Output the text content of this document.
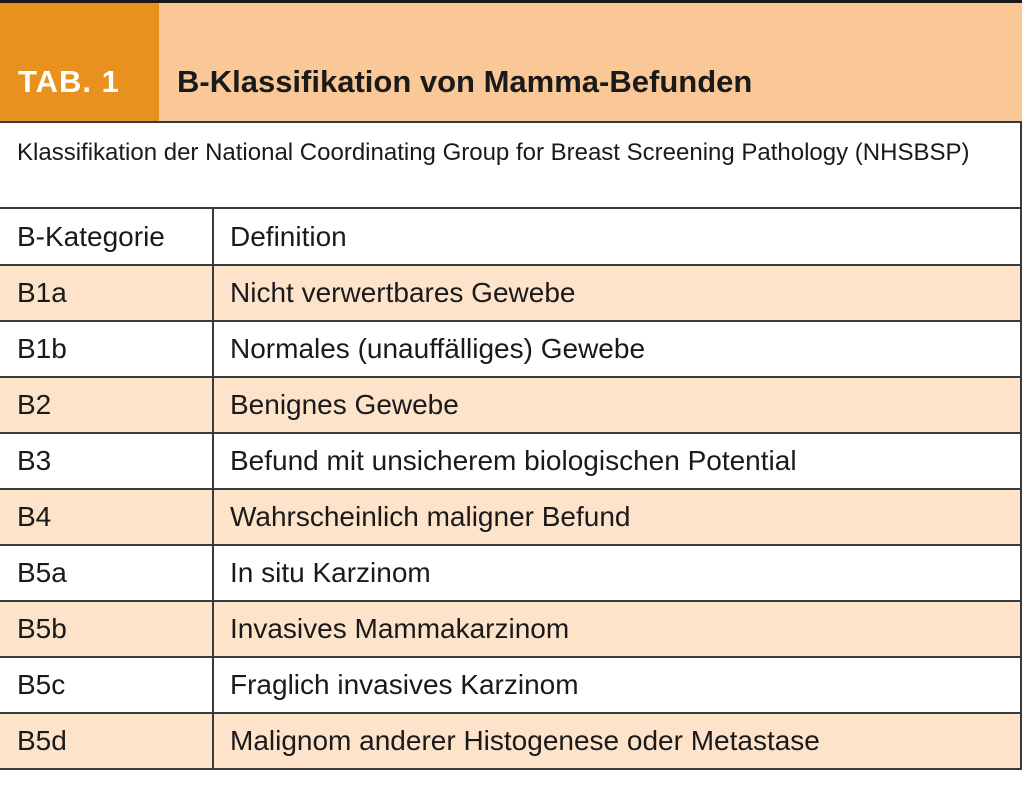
TAB. 1	B-Klassifikation von Mamma-Befunden
Klassifikation der National Coordinating Group for Breast Screening Pathology (NHSBSP)
B-Kategorie	Definition
B1a	Nicht verwertbares Gewebe
B1b	Normales (unauffälliges) Gewebe
B2	Benignes Gewebe
B3	Befund mit unsicherem biologischen Potential
B4	Wahrscheinlich maligner Befund
B5a	In situ Karzinom
B5b	Invasives Mammakarzinom
B5c	Fraglich invasives Karzinom
B5d	Malignom anderer Histogenese oder Metastase
